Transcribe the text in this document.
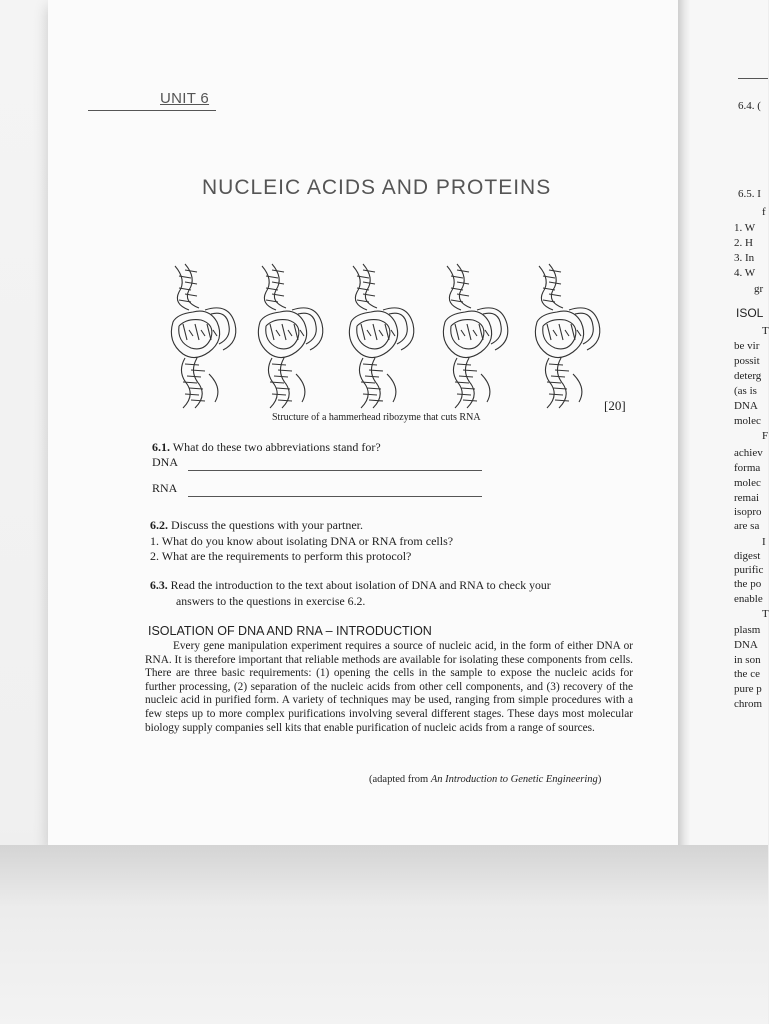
UNIT 6
NUCLEIC ACIDS AND PROTEINS
Structure of a hammerhead ribozyme that cuts RNA
[20]
6.1. What do these two abbreviations stand for?
DNA
RNA
6.2. Discuss the questions with your partner.
1. What do you know about isolating DNA or RNA from cells?
2. What are the requirements to perform this protocol?
6.3. Read the introduction to the text about isolation of DNA and RNA to check your
answers to the questions in exercise 6.2.
ISOLATION OF DNA AND RNA – INTRODUCTION
Every gene manipulation experiment requires a source of nucleic acid, in the form of either DNA or RNA. It is therefore important that reliable methods are available for isolating these components from cells. There are three basic requirements: (1) opening the cells in the sample to expose the nucleic acids for further processing, (2) separation of the nucleic acids from other cell components, and (3) recovery of the nucleic acid in purified form. A variety of techniques may be used, ranging from simple procedures with a few steps up to more complex purifications involving several different stages. These days most molecular biology supply companies sell kits that enable purification of nucleic acids from a range of sources.
(adapted from An Introduction to Genetic Engineering)
6.4. (
6.5. I
f
1. W
2. H
3. In
4. W
gr
ISOL
T
be vir
possit
deterg
(as is
DNA
molec
F
achiev
forma
molec
remai
isopro
are sa
I
digest
purific
the po
enable
T
plasm
DNA
in son
the ce
pure p
chrom
